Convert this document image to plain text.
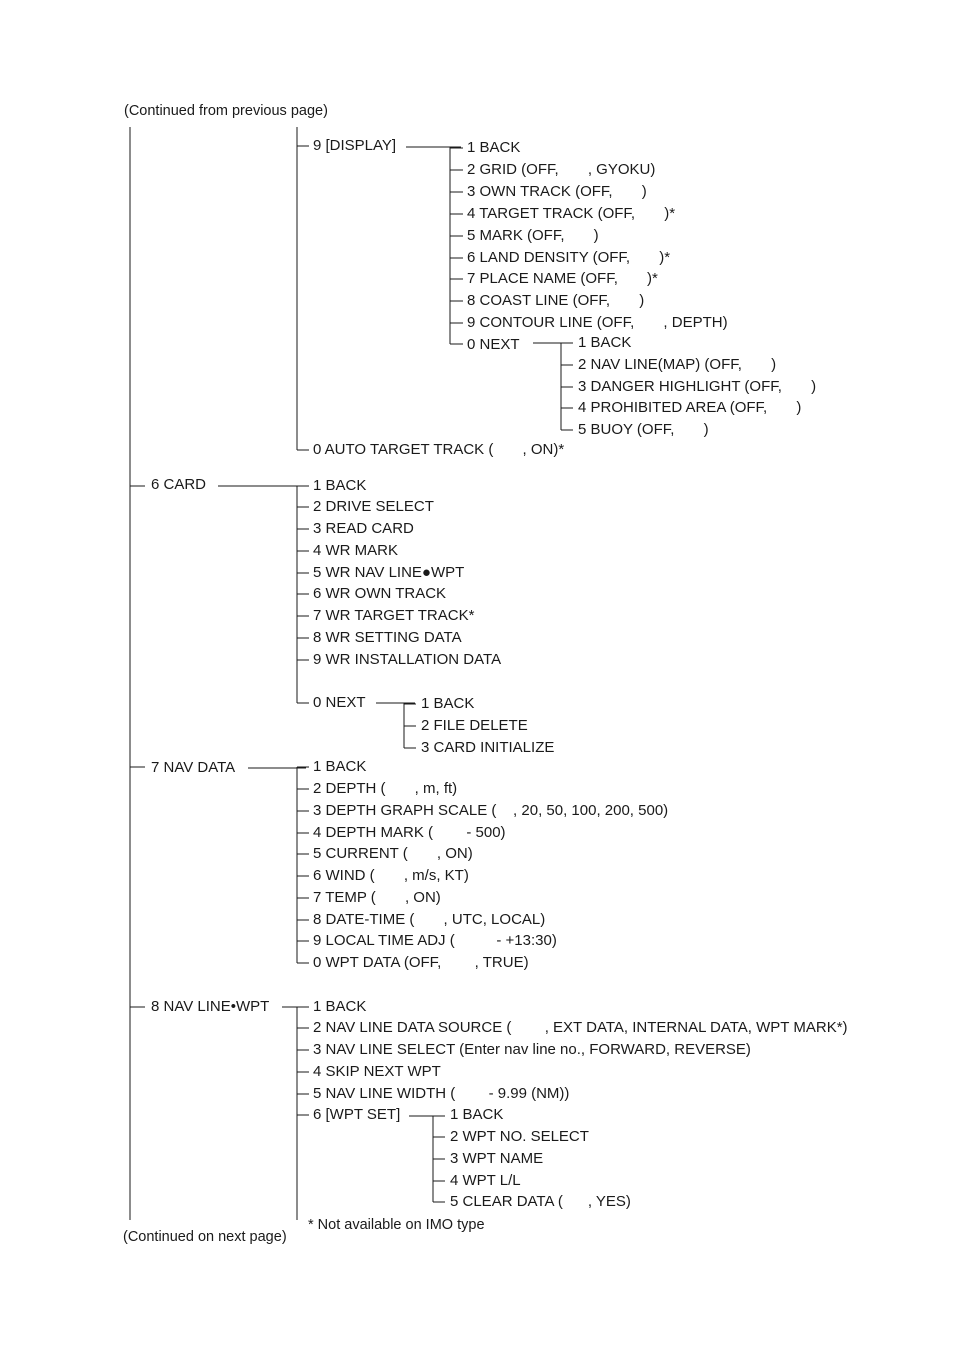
(Continued from previous page)
9 [DISPLAY]	1 BACK
2 GRID (OFF,       , GYOKU)
3 OWN TRACK (OFF,       )
4 TARGET TRACK (OFF,       )*
5 MARK (OFF,       )
6 LAND DENSITY (OFF,       )*
7 PLACE NAME (OFF,       )*
8 COAST LINE (OFF,       )
9 CONTOUR LINE (OFF,       , DEPTH)
0 NEXT	1 BACK
2 NAV LINE(MAP) (OFF,       )
3 DANGER HIGHLIGHT (OFF,       )
4 PROHIBITED AREA (OFF,       )
5 BUOY (OFF,       )
0 AUTO TARGET TRACK (       , ON)*
6 CARD	1 BACK
2 DRIVE SELECT
3 READ CARD
4 WR MARK
5 WR NAV LINE●WPT
6 WR OWN TRACK
7 WR TARGET TRACK*
8 WR SETTING DATA
9 WR INSTALLATION DATA
0 NEXT	1 BACK
2 FILE DELETE
3 CARD INITIALIZE
7 NAV DATA	1 BACK
2 DEPTH (       , m, ft)
3 DEPTH GRAPH SCALE (    , 20, 50, 100, 200, 500)
4 DEPTH MARK (        - 500)
5 CURRENT (       , ON)
6 WIND (       , m/s, KT)
7 TEMP (       , ON)
8 DATE-TIME (       , UTC, LOCAL)
9 LOCAL TIME ADJ (          - +13:30)
0 WPT DATA (OFF,        , TRUE)
8 NAV LINE•WPT	1 BACK
2 NAV LINE DATA SOURCE (        , EXT DATA, INTERNAL DATA, WPT MARK*)
3 NAV LINE SELECT (Enter nav line no., FORWARD, REVERSE)
4 SKIP NEXT WPT
5 NAV LINE WIDTH (        - 9.99 (NM))
6 [WPT SET]	1 BACK
2 WPT NO. SELECT
3 WPT NAME
4 WPT L/L
5 CLEAR DATA (      , YES)
* Not available on IMO type
(Continued on next page)
